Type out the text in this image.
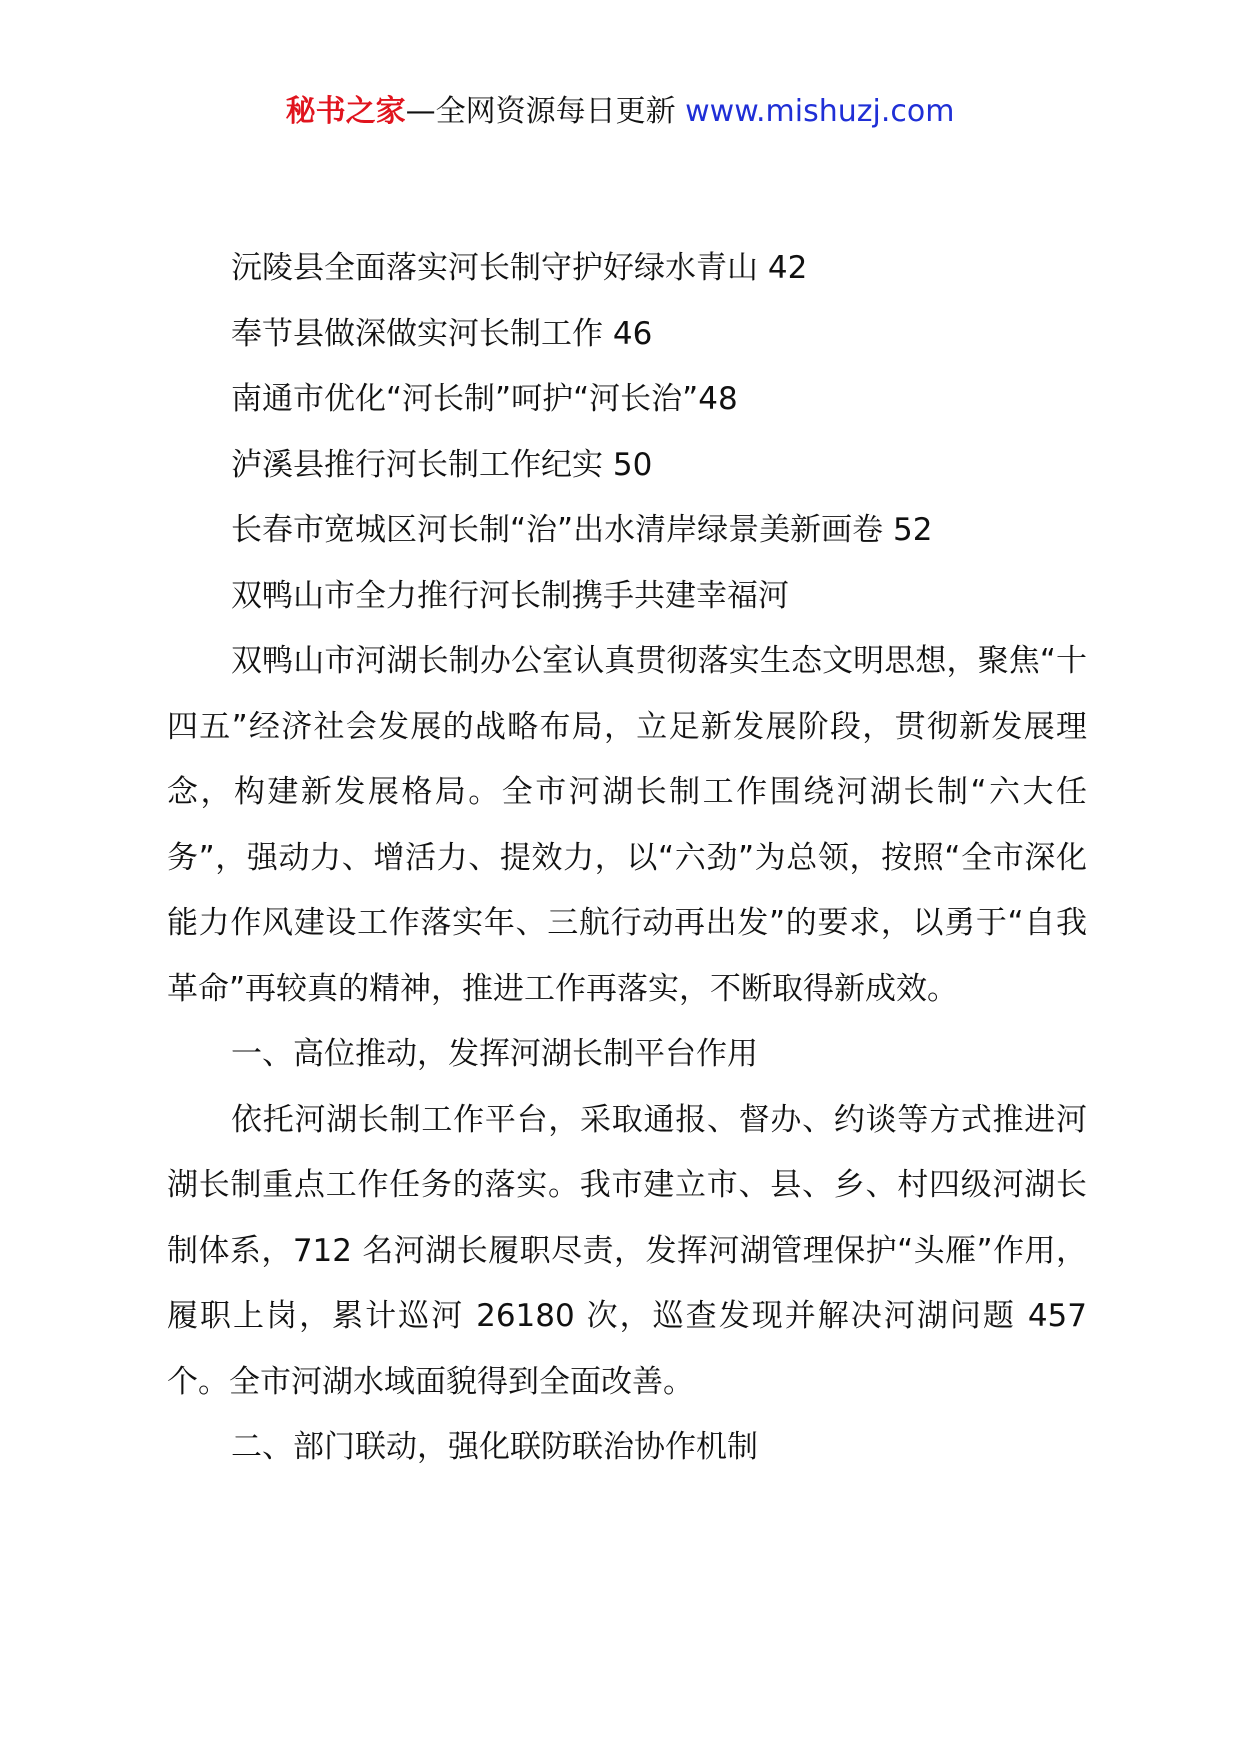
秘书之家—全网资源每日更新 www.mishuzj.com

沅陵县全面落实河长制守护好绿水青山 42

奉节县做深做实河长制工作 46

南通市优化“河长制”呵护“河长治”48

泸溪县推行河长制工作纪实 50

长春市宽城区河长制“治”出水清岸绿景美新画卷 52

双鸭山市全力推行河长制携手共建幸福河

双鸭山市河湖长制办公室认真贯彻落实生态文明思想，聚焦“十四五”经济社会发展的战略布局，立足新发展阶段，贯彻新发展理念，构建新发展格局。全市河湖长制工作围绕河湖长制“六大任务”，强动力、增活力、提效力，以“六劲”为总领，按照“全市深化能力作风建设工作落实年、三航行动再出发”的要求，以勇于“自我革命”再较真的精神，推进工作再落实，不断取得新成效。

一、高位推动，发挥河湖长制平台作用

依托河湖长制工作平台，采取通报、督办、约谈等方式推进河湖长制重点工作任务的落实。我市建立市、县、乡、村四级河湖长制体系，712 名河湖长履职尽责，发挥河湖管理保护“头雁”作用，履职上岗，累计巡河 26180 次，巡查发现并解决河湖问题 457 个。全市河湖水域面貌得到全面改善。

二、部门联动，强化联防联治协作机制
